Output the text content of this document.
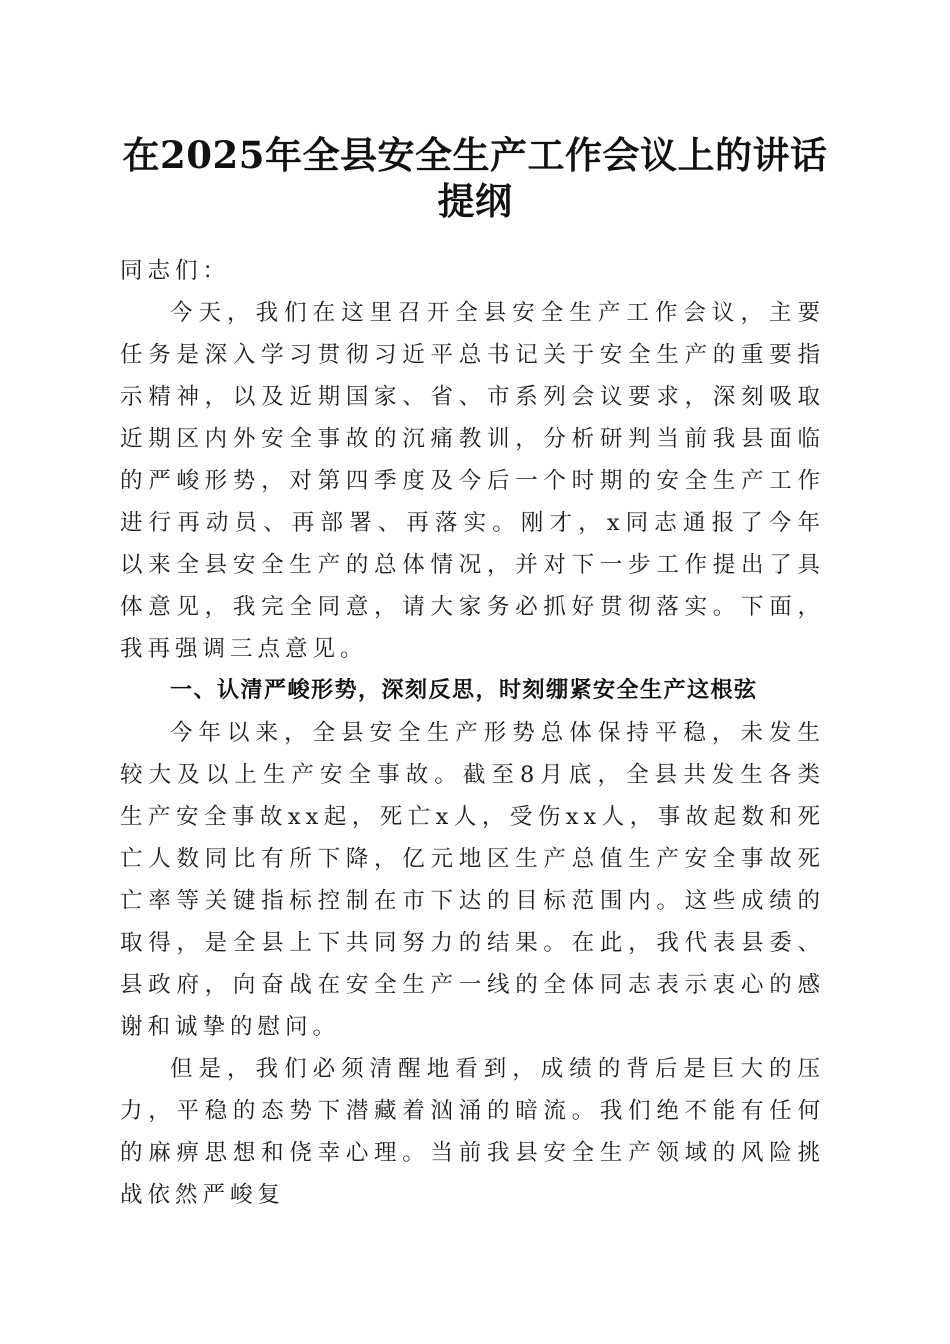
在2025年全县安全生产工作会议上的讲话提纲

同志们：

今天，我们在这里召开全县安全生产工作会议，主要任务是深入学习贯彻习近平总书记关于安全生产的重要指示精神，以及近期国家、省、市系列会议要求，深刻吸取近期区内外安全事故的沉痛教训，分析研判当前我县面临的严峻形势，对第四季度及今后一个时期的安全生产工作进行再动员、再部署、再落实。刚才，x同志通报了今年以来全县安全生产的总体情况，并对下一步工作提出了具体意见，我完全同意，请大家务必抓好贯彻落实。下面，我再强调三点意见。

一、认清严峻形势，深刻反思，时刻绷紧安全生产这根弦

今年以来，全县安全生产形势总体保持平稳，未发生较大及以上生产安全事故。截至8月底，全县共发生各类生产安全事故xx起，死亡x人，受伤xx人，事故起数和死亡人数同比有所下降，亿元地区生产总值生产安全事故死亡率等关键指标控制在市下达的目标范围内。这些成绩的取得，是全县上下共同努力的结果。在此，我代表县委、县政府，向奋战在安全生产一线的全体同志表示衷心的感谢和诚挚的慰问。

但是，我们必须清醒地看到，成绩的背后是巨大的压力，平稳的态势下潜藏着汹涌的暗流。我们绝不能有任何的麻痹思想和侥幸心理。当前我县安全生产领域的风险挑战依然严峻复
